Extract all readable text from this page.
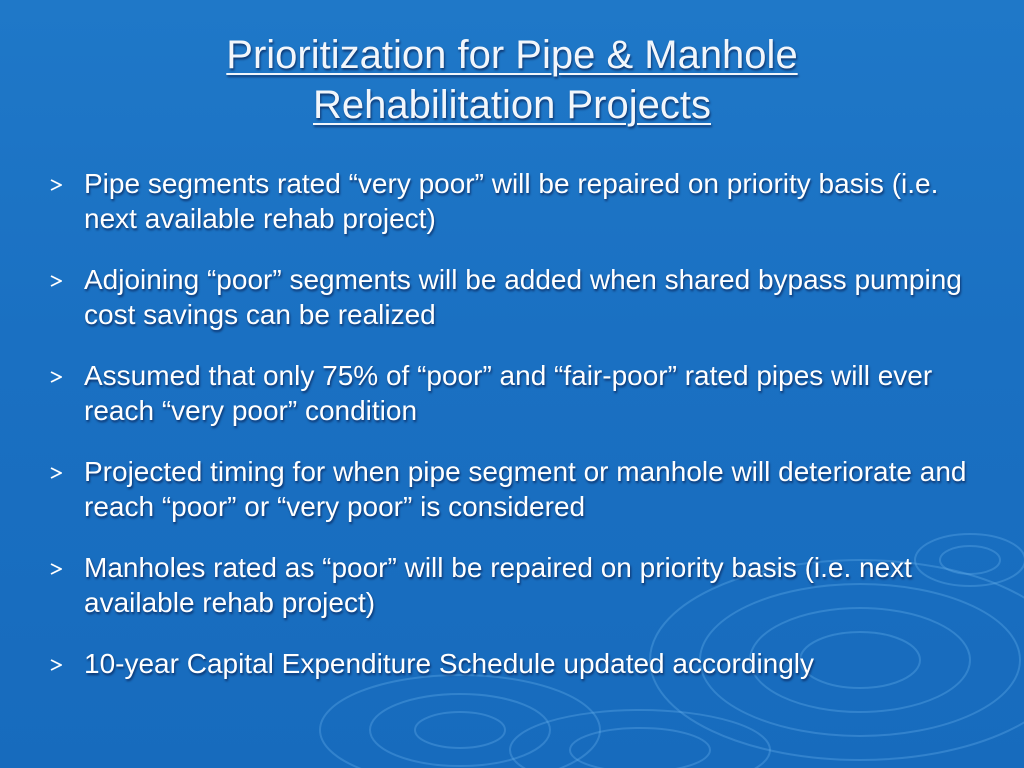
Prioritization for Pipe & Manhole
Rehabilitation Projects
Pipe segments rated “very poor” will be repaired on priority basis (i.e. next available rehab project)
Adjoining “poor” segments will be added when shared bypass pumping cost savings can be realized
Assumed that only 75% of “poor” and “fair-poor” rated pipes will ever reach “very poor” condition
Projected timing for when pipe segment or manhole will deteriorate and reach “poor” or “very poor” is considered
Manholes rated as “poor” will be repaired on priority basis (i.e. next available rehab project)
10-year Capital Expenditure Schedule updated accordingly
